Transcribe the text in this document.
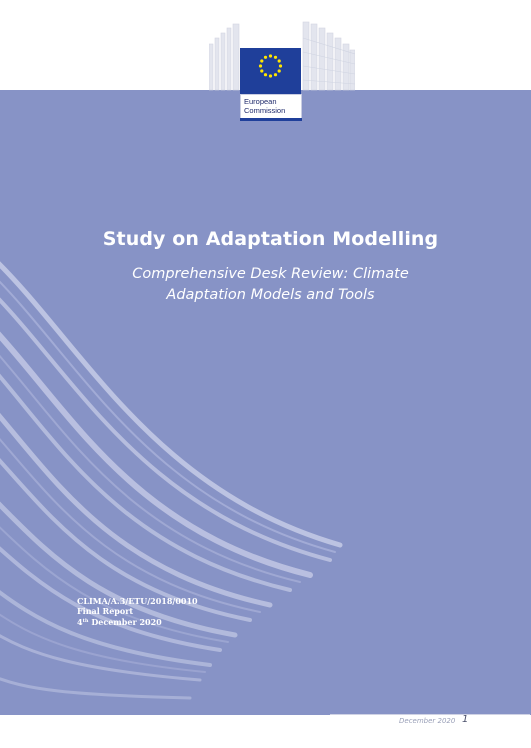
Study on Adaptation Modelling
Comprehensive Desk Review: Climate
Adaptation Models and Tools
CLIMA/A.3/ETU/2018/0010
Final Report
4th December 2020
European
Commission
December 2020 1
